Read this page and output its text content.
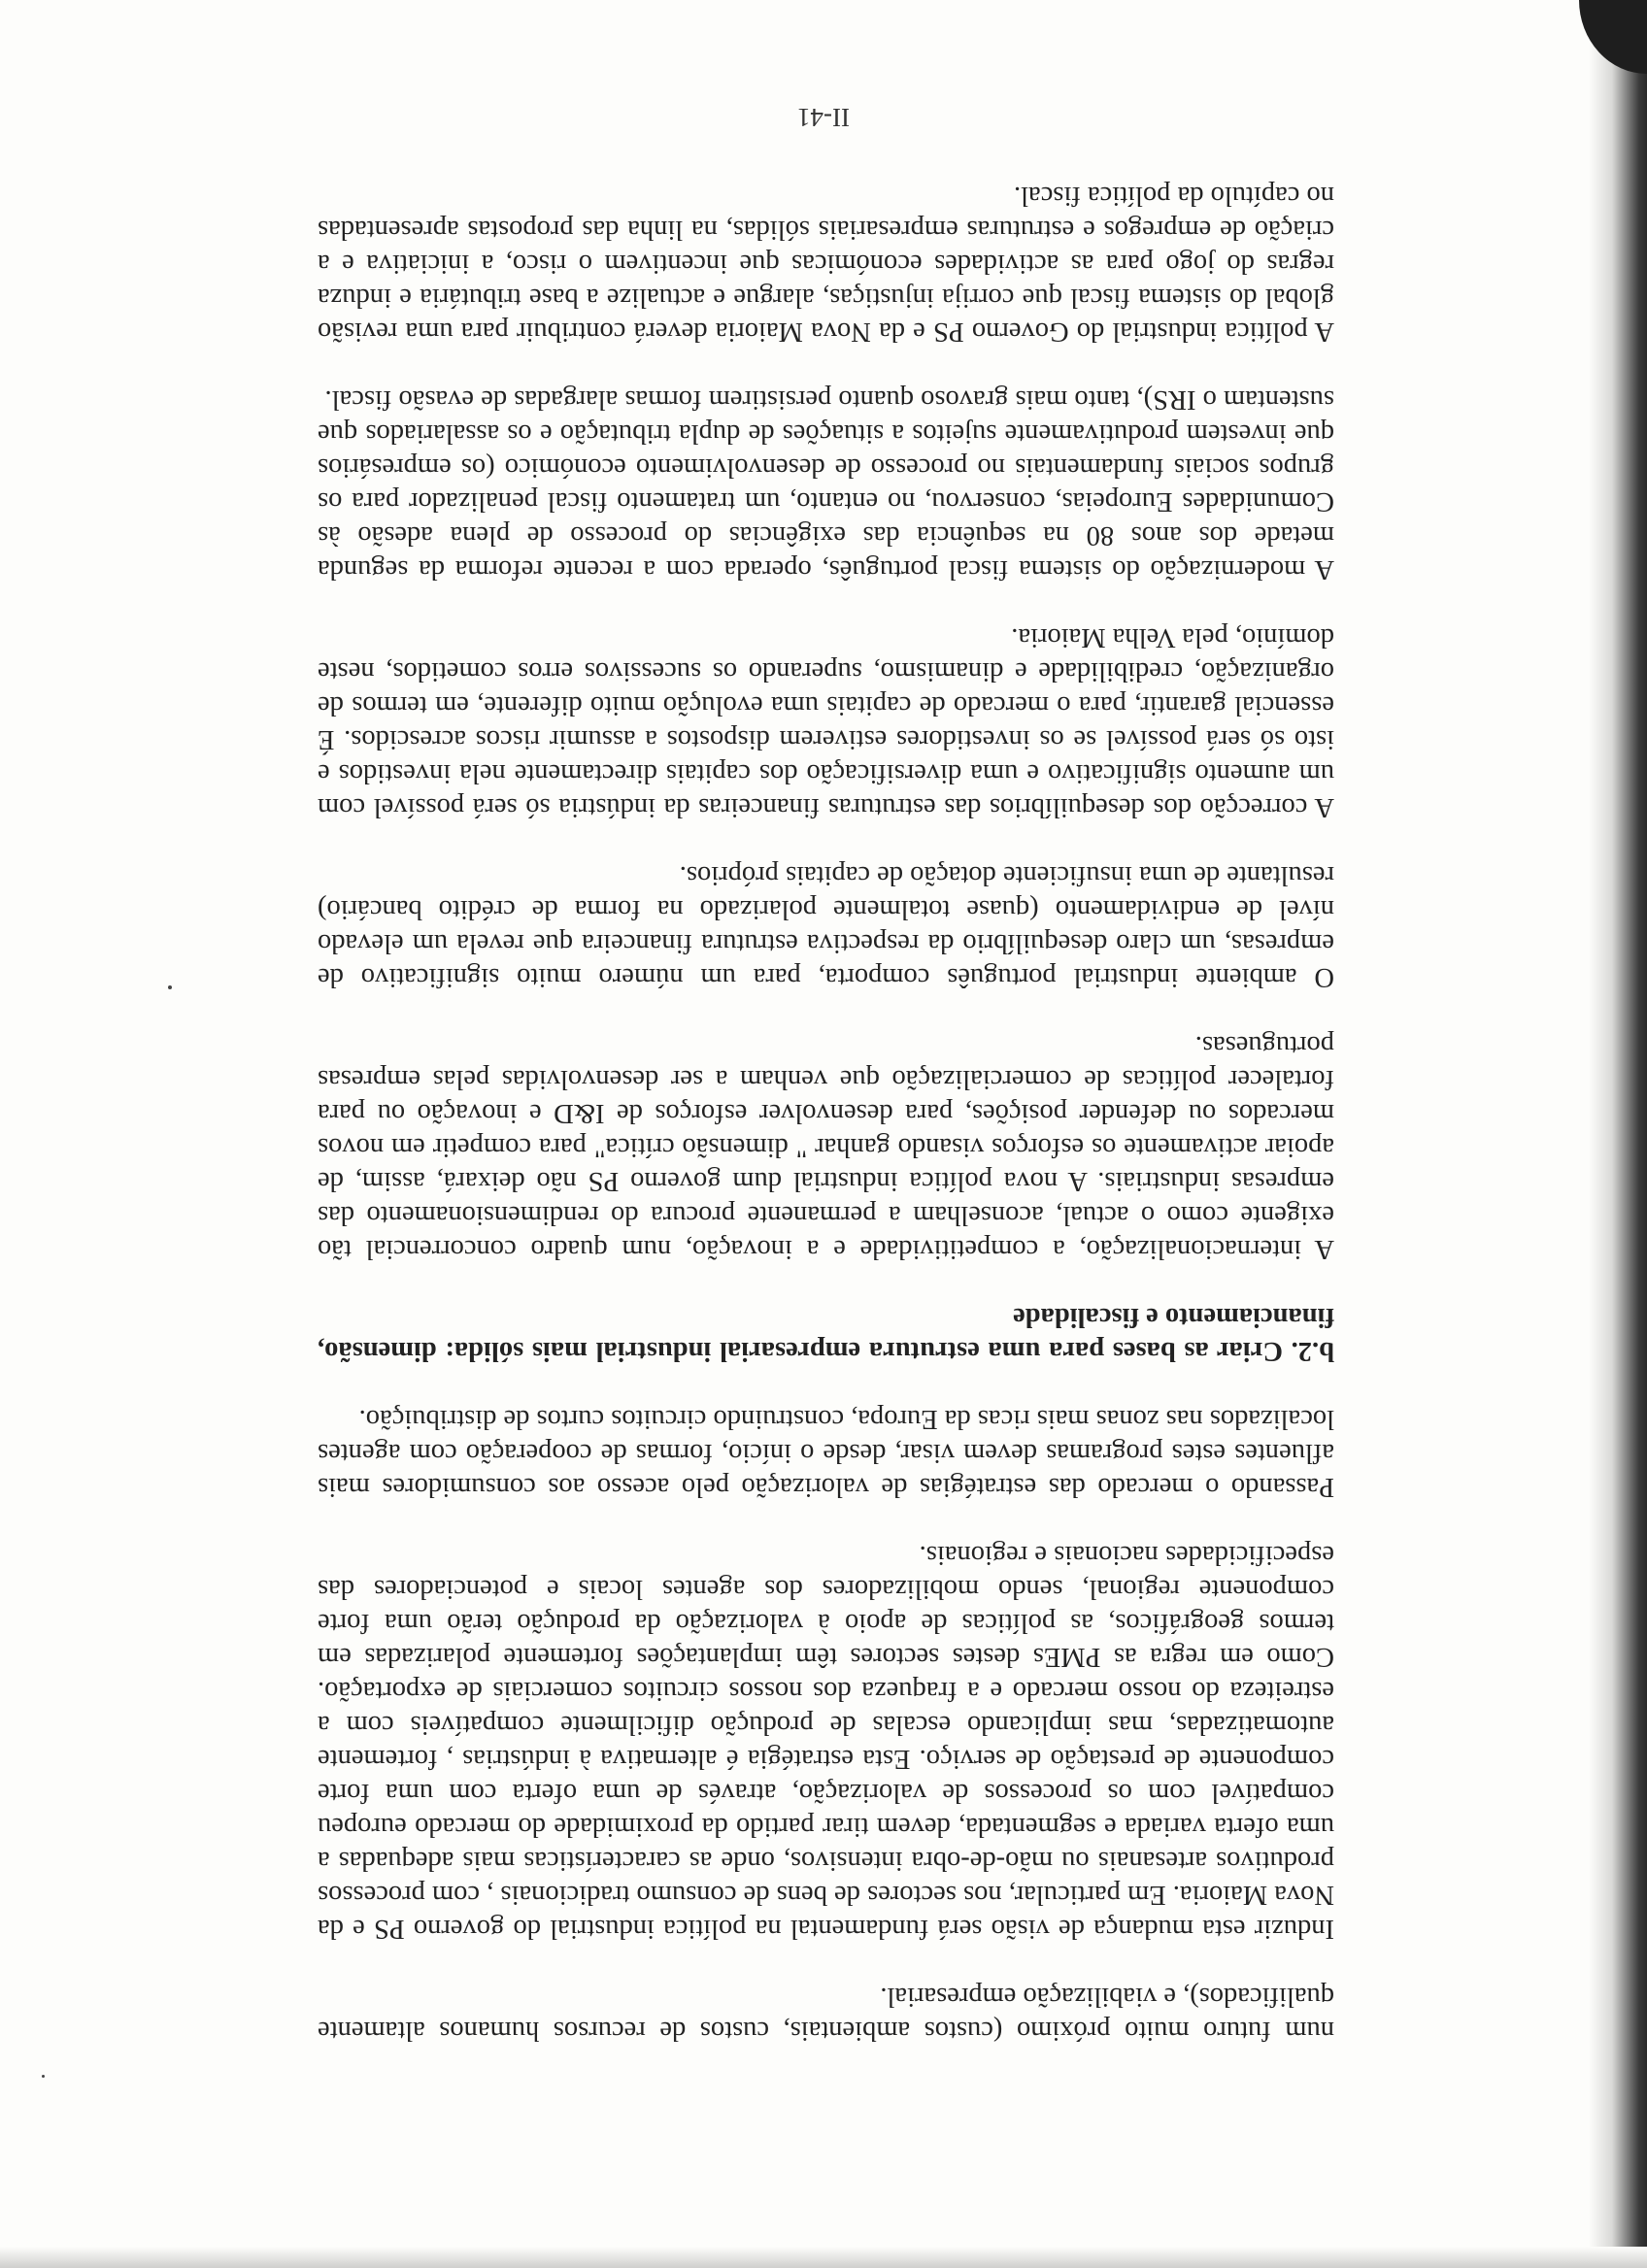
num futuro muito próximo (custos ambientais, custos de recursos humanos altamente qualificados), e viabilização empresarial.

Induzir esta mudança de visão será fundamental na política industrial do governo PS e da Nova Maioria. Em particular, nos sectores de bens de consumo tradicionais , com processos produtivos artesanais ou mão-de-obra intensivos, onde as características mais adequadas a uma oferta variada e segmentada, devem tirar partido da proximidade do mercado europeu compatível com os processos de valorização, através de uma oferta com uma forte componente de prestação de serviço. Esta estratégia é alternativa à indústrias , fortemente automatizadas, mas implicando escalas de produção dificilmente compatíveis com a estreiteza do nosso mercado e a fraqueza dos nossos circuitos comerciais de exportação. Como em regra as PMEs destes sectores têm implantações fortemente polarizadas em termos geográficos, as políticas de apoio à valorização da produção terão uma forte componente regional, sendo mobilizadores dos agentes locais e potenciadores das especificidades nacionais e regionais.

Passando o mercado das estratégias de valorização pelo acesso aos consumidores mais afluentes estes programas devem visar, desde o início, formas de cooperação com agentes localizados nas zonas mais ricas da Europa, construindo circuitos curtos de distribuição.

b.2. Criar as bases para uma estrutura empresarial industrial mais sólida: dimensão, financiamento e fiscalidade

A internacionalização, a competitividade e a inovação, num quadro concorrencial tão exigente como o actual, aconselham a permanente procura do rendimensionamento das empresas industriais. A nova política industrial dum governo PS não deixará, assim, de apoiar activamente os esforços visando ganhar " dimensão crítica" para competir em novos mercados ou defender posições, para desenvolver esforços de I&D e inovação ou para fortalecer políticas de comercialização que venham a ser desenvolvidas pelas empresas portuguesas.

O ambiente industrial português comporta, para um número muito significativo de empresas, um claro desequilíbrio da respectiva estrutura financeira que revela um elevado nível de endividamento (quase totalmente polarizado na forma de crédito bancário) resultante de uma insuficiente dotação de capitais próprios.

A correcção dos desequilíbrios das estruturas financeiras da indústria só será possível com um aumento significativo e uma diversificação dos capitais directamente nela investidos e isto só será possível se os investidores estiverem dispostos a assumir riscos acrescidos. É essencial garantir, para o mercado de capitais uma evolução muito diferente, em termos de organização, credibilidade e dinamismo, superando os sucessivos erros cometidos, neste domínio, pela Velha Maioria.

A modernização do sistema fiscal português, operada com a recente reforma da segunda metade dos anos 80 na sequência das exigências do processo de plena adesão às Comunidades Europeias, conservou, no entanto, um tratamento fiscal penalizador para os grupos sociais fundamentais no processo de desenvolvimento económico (os empresários que investem produtivamente sujeitos a situações de dupla tributação e os assalariados que sustentam o IRS), tanto mais gravoso quanto persistirem formas alargadas de evasão fiscal.

A política industrial do Governo PS e da Nova Maioria deverá contribuir para uma revisão global do sistema fiscal que corrija injustiças, alargue e actualize a base tributária e induza regras do jogo para as actividades económicas que incentivem o risco, a iniciativa e a criação de empregos e estruturas empresariais sólidas, na linha das propostas apresentadas no capítulo da política fiscal.

II-41
